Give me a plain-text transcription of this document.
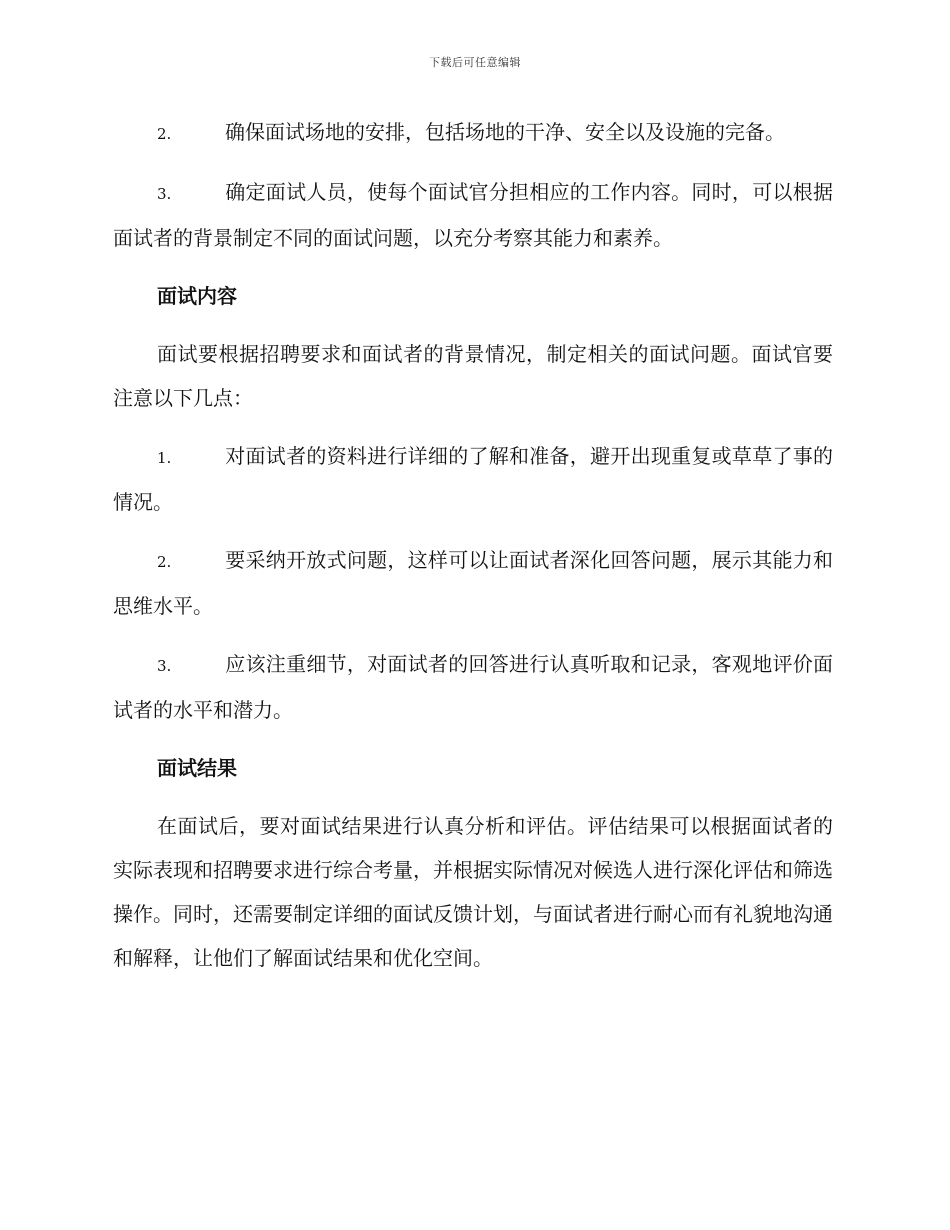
下载后可任意编辑

2.	确保面试场地的安排，包括场地的干净、安全以及设施的完备。

3.	确定面试人员，使每个面试官分担相应的工作内容。同时，可以根据面试者的背景制定不同的面试问题，以充分考察其能力和素养。

面试内容

面试要根据招聘要求和面试者的背景情况，制定相关的面试问题。面试官要注意以下几点：

1.	对面试者的资料进行详细的了解和准备，避开出现重复或草草了事的情况。

2.	要采纳开放式问题，这样可以让面试者深化回答问题，展示其能力和思维水平。

3.	应该注重细节，对面试者的回答进行认真听取和记录，客观地评价面试者的水平和潜力。

面试结果

在面试后，要对面试结果进行认真分析和评估。评估结果可以根据面试者的实际表现和招聘要求进行综合考量，并根据实际情况对候选人进行深化评估和筛选操作。同时，还需要制定详细的面试反馈计划，与面试者进行耐心而有礼貌地沟通和解释，让他们了解面试结果和优化空间。
